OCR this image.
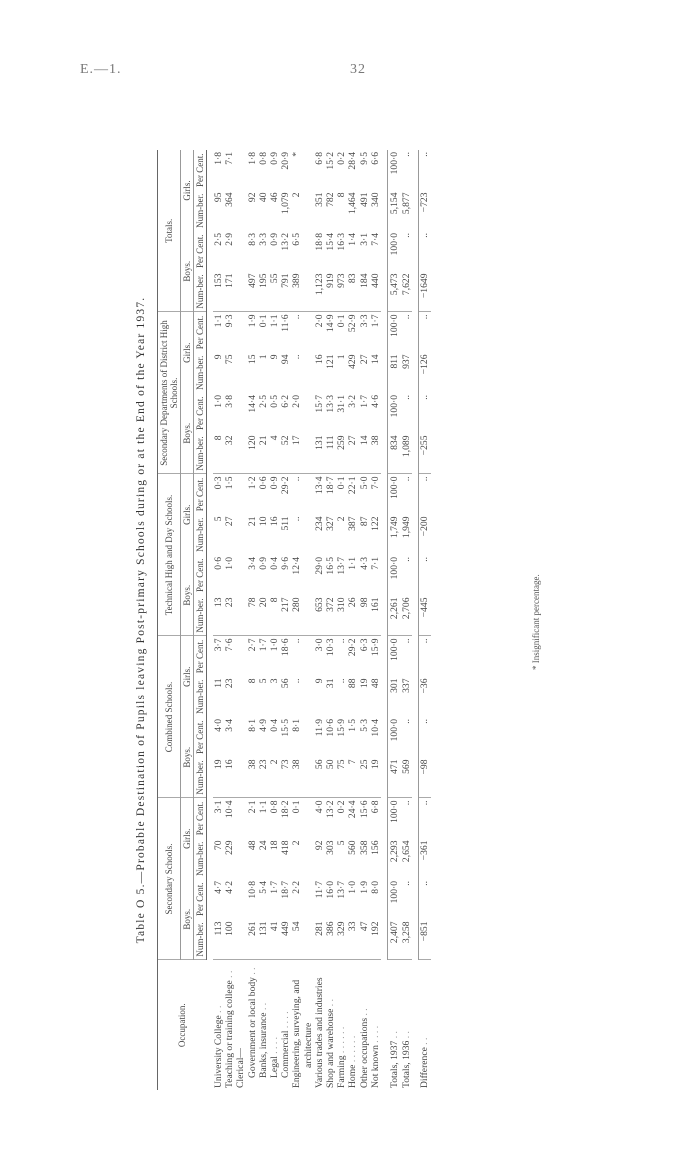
E.—1.	32
Table O 5.—Probable Destination of Pupils leaving Post-primary Schools during or at the End of the Year 1937.
Occupation.	Secondary Schools.				Combined Schools.				Technical High and Day Schools.				Secondary Departments of District High Schools.				Totals.			
	Boys.		Girls.		Boys.		Girls.		Boys.		Girls.		Boys.		Girls.		Boys.		Girls.	
	Num-ber.	Per Cent.	Num-ber.	Per Cent.	Num-ber.	Per Cent.	Num-ber.	Per Cent.	Num-ber.	Per Cent.	Num-ber.	Per Cent.	Num-ber.	Per Cent.	Num-ber.	Per Cent.	Num-ber.	Per Cent.	Num-ber.	Per Cent.

University College . .	113	4·7	70	3·1	19	4·0	11	3·7	13	0·6	5	0·3	8	1·0	9	1·1	153	2·5	95	1·8
Teaching or training college . .	100	4·2	229	10·4	16	3·4	23	7·6	23	1·0	27	1·5	32	3·8	75	9·3	171	2·9	364	7·1
Clerical—																				
Government or local body . .	261	10·8	48	2·1	38	8·1	8	2·7	78	3·4	21	1·2	120	14·4	15	1·9	497	8·3	92	1·8
Banks, insurance . .	131	5·4	24	1·1	23	4·9	5	1·7	20	0·9	10	0·6	21	2·5	1	0·1	195	3·3	40	0·8
Legal . . . .	41	1·7	18	0·8	2	0·4	3	1·0	8	0·4	16	0·9	4	0·5	9	1·1	55	0·9	46	0·9
Commercial . . . .	449	18·7	418	18·2	73	15·5	56	18·6	217	9·6	511	29·2	52	6·2	94	11·6	791	13·2	1,079	20·9
Engineering, surveying, and	54	2·2	2	0·1	38	8·1	..	..	280	12·4	..	..	17	2·0	..	..	389	6·5	2	*
architecture																				
Various trades and industries	281	11·7	92	4·0	56	11·9	9	3·0	653	29·0	234	13·4	131	15·7	16	2·0	1,123	18·8	351	6·8
Shop and warehouse . .	386	16·0	303	13·2	50	10·6	31	10·3	372	16·5	327	18·7	111	13·3	121	14·9	919	15·4	782	15·2
Farming . . . . . .	329	13·7	5	0·2	75	15·9	..	..	310	13·7	2	0·1	259	31·1	1	0·1	973	16·3	8	0·2
Home . . . . . .	33	1·0	560	24·4	7	1·5	88	29·2	26	1·1	387	22·1	27	3·2	429	52·9	83	1·4	1,464	28·4
Other occupations . .	47	1·9	358	15·6	25	5·3	19	6·3	98	4·3	87	5·0	14	1·7	27	3·3	184	3·1	491	9·5
Not known . . . .	192	8·0	156	6·8	19	10·4	48	15·9	161	7·1	122	7·0	38	4·6	14	1·7	440	7·4	340	6·6

Totals, 1937 . .	2,407	100·0	2,293	100·0	471	100·0	301	100·0	2,261	100·0	1,749	100·0	834	100·0	811	100·0	5,473	100·0	5,154	100·0
Totals, 1936 . .	3,258	..	2,654	..	569	..	337	..	2,706	..	1,949	..	1,089	..	937	..	7,622	..	5,877	..

Difference . .	−851	..	−361	..	−98	..	−36	..	−445	..	−200	..	−255	..	−126	..	−1649	..	−723	..
* Insignificant percentage.
